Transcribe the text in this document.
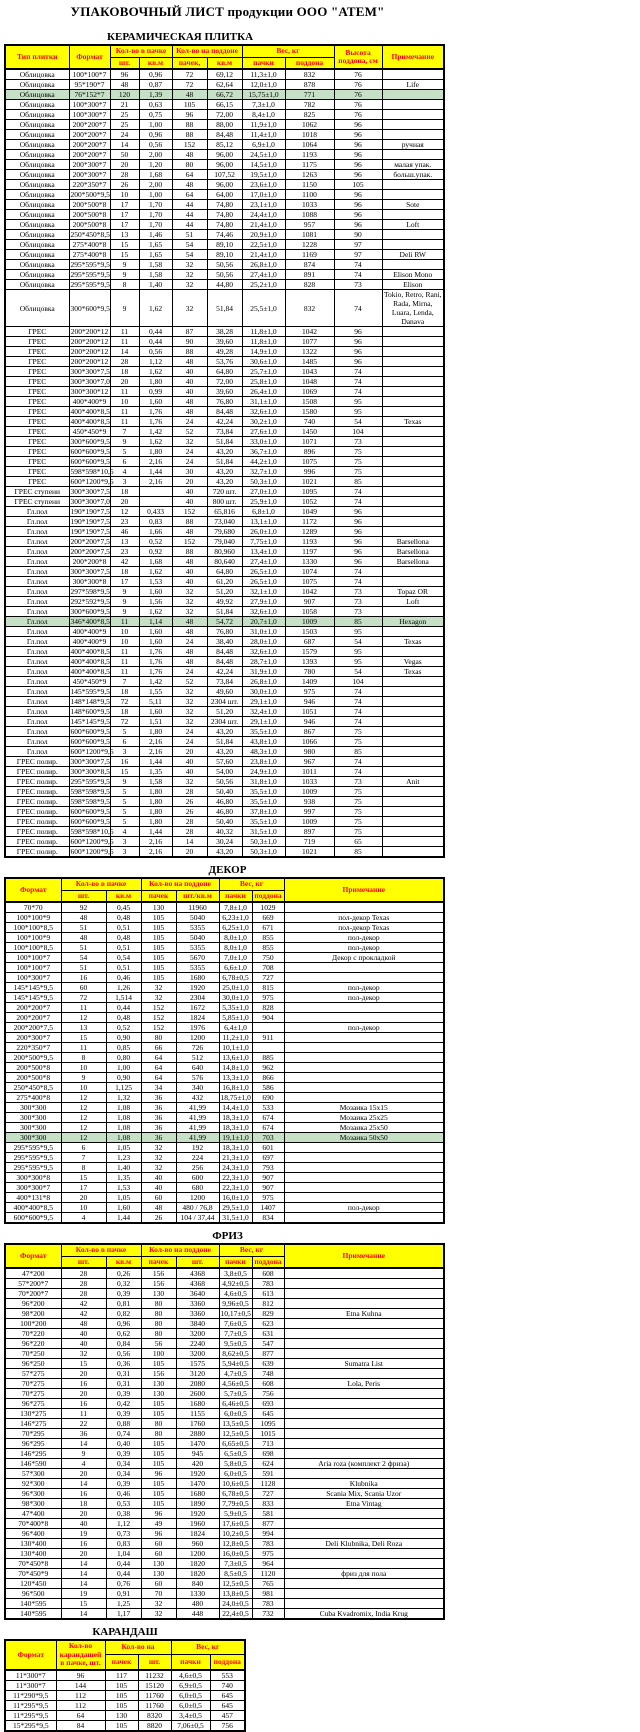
УПАКОВОЧНЫЙ ЛИСТ продукции ООО "АТЕМ"
КЕРАМИЧЕСКАЯ ПЛИТКА
Тип плитки	Формат	Кол-во в пачке		Кол-во на поддоне		Вес, кг		Высота поддона, см	Примечание
		шт.	кв.м	пачек,	кв.м	пачки	поддона		
Облицовка	100*100*7	96	0,96	72	69,12	11,3±1,0	832	76	
Облицовка	95*190*7	48	0,87	72	62,64	12,0±1,0	878	76	Life
Облицовка	76*152*7	120	1,39	48	66,72	15,75±1,0	771	76	
Облицовка	100*300*7	21	0,63	105	66,15	7,3±1,0	782	76	
Облицовка	100*300*7	25	0,75	96	72,00	8,4±1,0	825	76	
Облицовка	200*200*7	25	1,00	88	88,00	11,9±1,0	1062	96	
Облицовка	200*200*7	24	0,96	88	84,48	11,4±1,0	1018	96	
Облицовка	200*200*7	14	0,56	152	85,12	6,9±1,0	1064	96	ручная
Облицовка	200*200*7	50	2,00	48	96,00	24,5±1,0	1193	96	
Облицовка	200*300*7	20	1,20	80	96,00	14,5±1,0	1175	96	малая упак.
Облицовка	200*300*7	28	1,68	64	107,52	19,5±1,0	1263	96	больш.упак.
Облицовка	220*350*7	26	2,00	48	96,00	23,6±1,0	1150	105	
Облицовка	200*500*9,5	10	1,00	64	64,00	17,0±1,0	1100	96	
Облицовка	200*500*8	17	1,70	44	74,80	23,1±1,0	1033	96	Sote
Облицовка	200*500*8	17	1,70	44	74,80	24,4±1,0	1088	96	
Облицовка	200*500*8	17	1,70	44	74,80	21,4±1,0	957	96	Loft
Облицовка	250*450*8,5	13	1,46	51	74,46	20,9±1,0	1081	90	
Облицовка	275*400*8	15	1,65	54	89,10	22,5±1,0	1228	97	
Облицовка	275*400*8	15	1,65	54	89,10	21,4±1,0	1169	97	Deli RW
Облицовка	295*595*9,5	9	1,58	32	50,56	26,8±1,0	874	74	
Облицовка	295*595*9,5	9	1,58	32	50,56	27,4±1,0	891	74	Elison Mono
Облицовка	295*595*9,5	8	1,40	32	44,80	25,2±1,0	828	73	Elison
Облицовка	300*600*9,5	9	1,62	32	51,84	25,5±1,0	832	74	Tokio, Retro, Rani, Rada, Mirna, Luara, Lenda, Danava
ГРЕС	200*200*12	11	0,44	87	38,28	11,8±1,0	1042	96	
ГРЕС	200*200*12	11	0,44	90	39,60	11,8±1,0	1077	96	
ГРЕС	200*200*12	14	0,56	88	49,28	14,9±1,0	1322	96	
ГРЕС	200*200*12	28	1,12	48	53,76	30,6±1,0	1485	96	
ГРЕС	300*300*7,5	18	1,62	40	64,80	25,7±1,0	1043	74	
ГРЕС	300*300*7,0	20	1,80	40	72,00	25,8±1,0	1048	74	
ГРЕС	300*300*12	11	0,99	40	39,60	26,4±1,0	1069	74	
ГРЕС	400*400*9	10	1,60	48	76,80	31,1±1,0	1508	95	
ГРЕС	400*400*8,5	11	1,76	48	84,48	32,6±1,0	1580	95	
ГРЕС	400*400*8,5	11	1,76	24	42,24	30,2±1,0	740	54	Texas
ГРЕС	450*450*9	7	1,42	52	73,84	27,6±1,0	1450	104	
ГРЕС	300*600*9,5	9	1,62	32	51,84	33,0±1,0	1071	73	
ГРЕС	600*600*9,5	5	1,80	24	43,20	36,7±1,0	896	75	
ГРЕС	600*600*9,5	6	2,16	24	51,84	44,2±1,0	1075	75	
ГРЕС	598*598*10,5	4	1,44	30	43,20	32,7±1,0	996	75	
ГРЕС	600*1200*9,5	3	2,16	20	43,20	50,3±1,0	1021	85	
ГРЕС ступени	300*300*7,5	18		40	720 шт.	27,0±1,0	1095	74	
ГРЕС ступени	300*300*7,0	20		40	800 шт.	25,9±1,0	1052	74	
Гл.пол	190*190*7,5	12	0,433	152	65,816	6,8±1,0	1049	96	
Гл.пол	190*190*7,5	23	0,83	88	73,040	13,1±1,0	1172	96	
Гл.пол	190*190*7,5	46	1,66	48	79,680	26,0±1,0	1289	96	
Гл.пол	200*200*7,5	13	0,52	152	79,040	7,75±1,0	1193	96	Barsellona
Гл.пол	200*200*7,5	23	0,92	88	80,960	13,4±1,0	1197	96	Barsellona
Гл.пол	200*200*8	42	1,68	48	80,640	27,4±1,0	1330	96	Barsellona
Гл.пол	300*300*7,5	18	1,62	40	64,80	26,5±1,0	1074	74	
Гл.пол	300*300*8	17	1,53	40	61,20	26,5±1,0	1075	74	
Гл.пол	297*598*9,5	9	1,60	32	51,20	32,1±1,0	1042	73	Topaz OR
Гл.пол	292*592*9,5	9	1,56	32	49,92	27,9±1,0	907	73	Loft
Гл.пол	300*600*9,5	9	1,62	32	51,84	32,6±1,0	1058	73	
Гл.пол	346*400*8,5	11	1,14	48	54,72	20,7±1,0	1009	85	Hexagon
Гл.пол	400*400*9	10	1,60	48	76,80	31,0±1,0	1503	95	
Гл.пол	400*400*9	10	1,60	24	38,40	28,0±1,0	687	54	Texas
Гл.пол	400*400*8,5	11	1,76	48	84,48	32,6±1,0	1579	95	
Гл.пол	400*400*8,5	11	1,76	48	84,48	28,7±1,0	1393	95	Vegas
Гл.пол	400*400*8,5	11	1,76	24	42,24	31,9±1,0	780	54	Texas
Гл.пол	450*450*9	7	1,42	52	73,84	26,8±1,0	1409	104	
Гл.пол	145*595*9,5	18	1,55	32	49,60	30,0±1,0	975	74	
Гл.пол	148*148*9,5	72	5,11	32	2304 шт.	29,1±1,0	946	74	
Гл.пол	148*600*9,5	18	1,60	32	51,20	32,4±1,0	1051	74	
Гл.пол	145*145*9,5	72	1,51	32	2304 шт.	29,1±1,0	946	74	
Гл.пол	600*600*9,5	5	1,80	24	43,20	35,5±1,0	867	75	
Гл.пол	600*600*9,5	6	2,16	24	51,84	43,8±1,0	1066	75	
Гл.пол	600*1200*9,5	3	2,16	20	43,20	48,3±1,0	980	85	
ГРЕС полир.	300*300*7,5	16	1,44	40	57,60	23,8±1,0	967	74	
ГРЕС полир.	300*300*8,5	15	1,35	40	54,00	24,9±1,0	1011	74	
ГРЕС полир.	295*595*9,5	9	1,58	32	50,56	31,8±1,0	1033	73	Anit
ГРЕС полир.	598*598*9,5	5	1,80	28	50,40	35,5±1,0	1009	75	
ГРЕС полир.	598*598*9,5	5	1,80	26	46,80	35,5±1,0	938	75	
ГРЕС полир.	600*600*9,5	5	1,80	26	46,80	37,8±1,0	997	75	
ГРЕС полир.	600*600*9,5	5	1,80	28	50,40	35,5±1,0	1009	75	
ГРЕС полир.	598*598*10,5	4	1,44	28	40,32	31,5±1,0	897	75	
ГРЕС полир.	600*1200*9,5	3	2,16	14	30,24	50,3±1,0	719	65	
ГРЕС полир.	600*1200*9,5	3	2,16	20	43,20	50,3±1,0	1021	85	
ДЕКОР
Формат	Кол-во в пачке		Кол-во на поддоне		Вес, кг		Примечание
	шт.	кв.м	пачек	шт./кв.м	пачки	поддона	
70*70	92	0,45	130	11960	7,8±1,0	1029	
100*100*9	48	0,48	105	5040	6,23±1,0	669	пол-декор Texas
100*100*8,5	51	0,51	105	5355	6,25±1,0	671	пол-декор Texas
100*100*9	48	0,48	105	5040	8,0±1,0	855	пол-декор
100*100*8,5	51	0,51	105	5355	8,0±1,0	855	пол-декор
100*100*7	54	0,54	105	5670	7,0±1,0	750	Декор с прокладкой
100*100*7	51	0,51	105	5355	6,6±1,0	708	
100*300*7	16	0,46	105	1680	6,78±0,5	727	
145*145*9,5	60	1,26	32	1920	25,0±1,0	815	пол-декор
145*145*9,5	72	1,514	32	2304	30,0±1,0	975	пол-декор
200*200*7	11	0,44	152	1672	5,35±1,0	828	
200*200*7	12	0,48	152	1824	5,85±1,0	904	
200*200*7,5	13	0,52	152	1976	6,4±1,0		пол-декор
200*300*7	15	0,90	80	1200	11,2±1,0	911	
220*350*7	11	0,85	66	726	10,1±1,0		
200*500*9,5	8	0,80	64	512	13,6±1,0	885	
200*500*8	10	1,00	64	640	14,8±1,0	962	
200*500*8	9	0,90	64	576	13,3±1,0	866	
250*450*8,5	10	1,125	34	340	16,8±1,0	586	
275*400*8	12	1,32	36	432	18,75±1,0	690	
300*300	12	1,08	36	41,99	14,4±1,0	533	Мозаика 15х15
300*300	12	1,08	36	41,99	18,3±1,0	674	Мозаика 25х25
300*300	12	1,08	36	41,99	18,3±1,0	674	Мозаика 25х50
300*300	12	1,08	36	41,99	19,1±1,0	703	Мозаика 50х50
295*595*9,5	6	1,05	32	192	18,3±1,0	601	
295*595*9,5	7	1,23	32	224	21,3±1,0	697	
295*595*9,5	8	1,40	32	256	24,3±1,0	793	
300*300*8	15	1,35	40	600	22,3±1,0	907	
300*300*7	17	1,53	40	680	22,3±1,0	907	
400*131*8	20	1,05	60	1200	16,0±1,0	975	
400*400*8,5	10	1,60	48	480 / 76,8	29,5±1,0	1407	пол-декор
600*600*9,5	4	1,44	26	104 / 37,44	31,5±1,0	834	
ФРИЗ
Формат	Кол-во в пачке		Кол-во на поддоне		Вес, кг		Примечание
	шт.	кв.м	пачек	шт.	пачки	поддона	
47*200	28	0,26	156	4368	3,8±0,5	608	
57*200*7	28	0,32	156	4368	4,92±0,5	783	
70*200*7	28	0,39	130	3640	4,6±0,5	613	
96*200	42	0,81	80	3360	9,96±0,5	812	
98*200	42	0,82	80	3360	10,17±0,5	829	Etna Kuhna
100*200	48	0,96	80	3840	7,6±0,5	623	
70*220	40	0,62	80	3200	7,7±0,5	631	
96*220	40	0,84	56	2240	9,5±0,5	547	
70*250	32	0,56	100	3200	8,62±0,5	877	
96*250	15	0,36	105	1575	5,94±0,5	639	Sumatra List
57*275	20	0,31	156	3120	4,7±0,5	748	
70*275	16	0,31	130	2080	4,56±0,5	608	Lola, Peris
70*275	20	0,39	130	2600	5,7±0,5	756	
96*275	16	0,42	105	1680	6,46±0,5	693	
130*275	11	0,39	105	1155	6,0±0,5	645	
146*275	22	0,88	80	1760	13,5±0,5	1095	
70*295	36	0,74	80	2880	12,5±0,5	1015	
96*295	14	0,40	105	1470	6,65±0,5	713	
146*295	9	0,39	105	945	6,5±0,5	698	
146*590	4	0,34	105	420	5,8±0,5	624	Aria roza (комплект 2 фриза)
57*300	20	0,34	96	1920	6,0±0,5	591	
92*300	14	0,39	105	1470	10,6±0,5	1128	Klubnika
96*300	16	0,46	105	1680	6,78±0,5	727	Scania Mix, Scania Uzor
98*300	18	0,53	105	1890	7,79±0,5	833	Etna Vintag
47*400	20	0,38	96	1920	5,9±0,5	581	
70*400*8	40	1,12	49	1960	17,6±0,5	877	
96*400	19	0,73	96	1824	10,2±0,5	994	
130*400	16	0,83	60	960	12,8±0,5	783	Deli Klubnika, Deli Roza
130*400	20	1,04	60	1200	16,0±0,5	975	
70*450*8	14	0,44	130	1820	7,3±0,5	964	
70*450*9	14	0,44	130	1820	8,5±0,5	1120	фриз для пола
120*450	14	0,76	60	840	12,5±0,5	765	
96*500	19	0,91	70	1330	13,8±0,5	981	
140*595	15	1,25	32	480	24,0±0,5	783	
140*595	14	1,17	32	448	22,4±0,5	732	Cuba Kvadromix, India Krug
КАРАНДАШ
Формат	Кол-во карандашей в пачке, шт.	Кол-во на		Вес, кг	
		пачек	шт.	пачки	поддона
11*300*7	96	117	11232	4,6±0,5	553
11*300*7	144	105	15120	6,9±0,5	740
11*290*9,5	112	105	11760	6,0±0,5	645
11*295*9,5	112	105	11760	6,0±0,5	645
11*295*9,5	64	130	8320	3,4±0,5	457
15*295*9,5	84	105	8820	7,06±0,5	756
